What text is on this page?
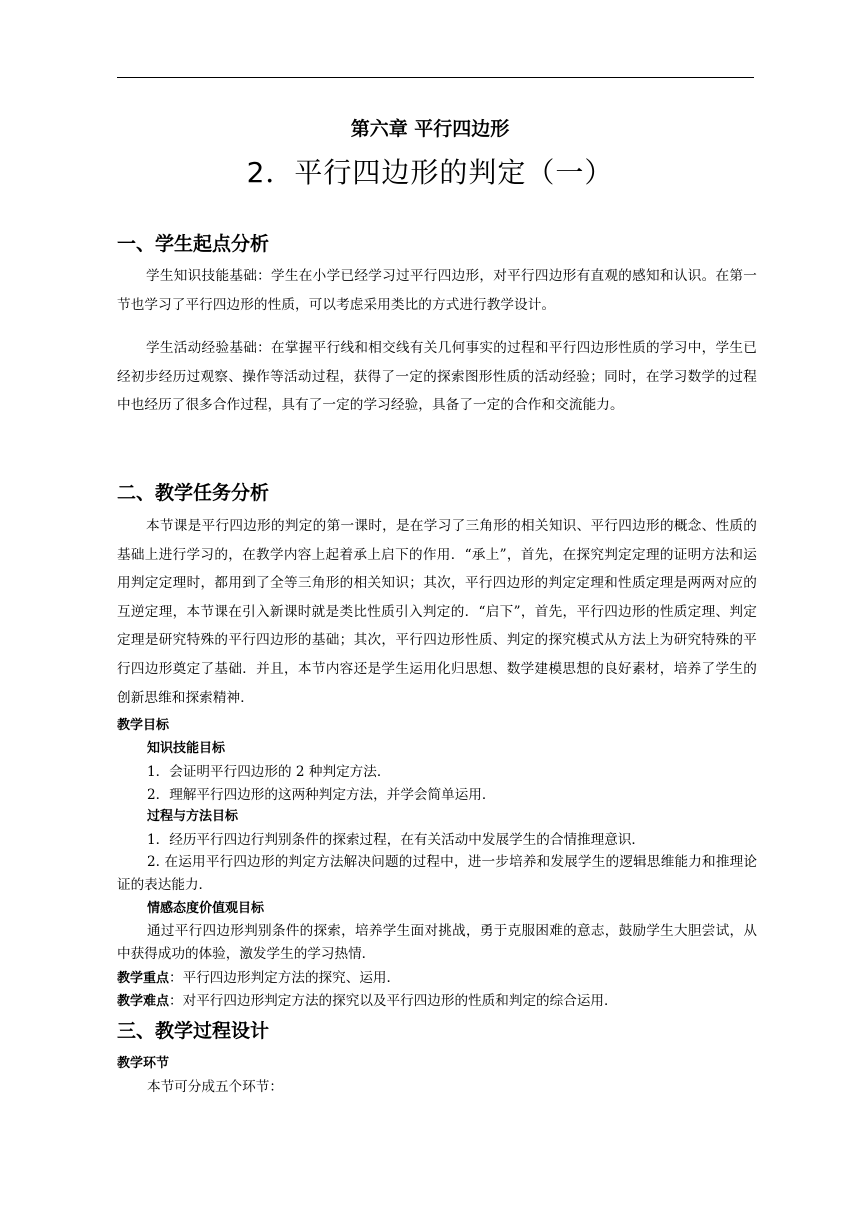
第六章 平行四边形
2．平行四边形的判定（一）
一、学生起点分析
学生知识技能基础：学生在小学已经学习过平行四边形，对平行四边形有直观的感知和认识。在第一节也学习了平行四边形的性质，可以考虑采用类比的方式进行教学设计。
学生活动经验基础：在掌握平行线和相交线有关几何事实的过程和平行四边形性质的学习中，学生已经初步经历过观察、操作等活动过程，获得了一定的探索图形性质的活动经验；同时，在学习数学的过程中也经历了很多合作过程，具有了一定的学习经验，具备了一定的合作和交流能力。
二、教学任务分析
本节课是平行四边形的判定的第一课时，是在学习了三角形的相关知识、平行四边形的概念、性质的基础上进行学习的，在教学内容上起着承上启下的作用．“承上”，首先，在探究判定定理的证明方法和运用判定定理时，都用到了全等三角形的相关知识；其次，平行四边形的判定定理和性质定理是两两对应的互逆定理，本节课在引入新课时就是类比性质引入判定的．“启下”，首先，平行四边形的性质定理、判定定理是研究特殊的平行四边形的基础；其次，平行四边形性质、判定的探究模式从方法上为研究特殊的平行四边形奠定了基础．并且，本节内容还是学生运用化归思想、数学建模思想的良好素材，培养了学生的创新思维和探索精神．
教学目标
知识技能目标
1．会证明平行四边形的 2 种判定方法．
2．理解平行四边形的这两种判定方法，并学会简单运用．
过程与方法目标
1．经历平行四边行判别条件的探索过程，在有关活动中发展学生的合情推理意识．
2. 在运用平行四边形的判定方法解决问题的过程中，进一步培养和发展学生的逻辑思维能力和推理论证的表达能力．
情感态度价值观目标
通过平行四边形判别条件的探索，培养学生面对挑战，勇于克服困难的意志，鼓励学生大胆尝试，从中获得成功的体验，激发学生的学习热情．
教学重点：平行四边形判定方法的探究、运用．
教学难点：对平行四边形判定方法的探究以及平行四边形的性质和判定的综合运用．
三、教学过程设计
教学环节
本节可分成五个环节：
